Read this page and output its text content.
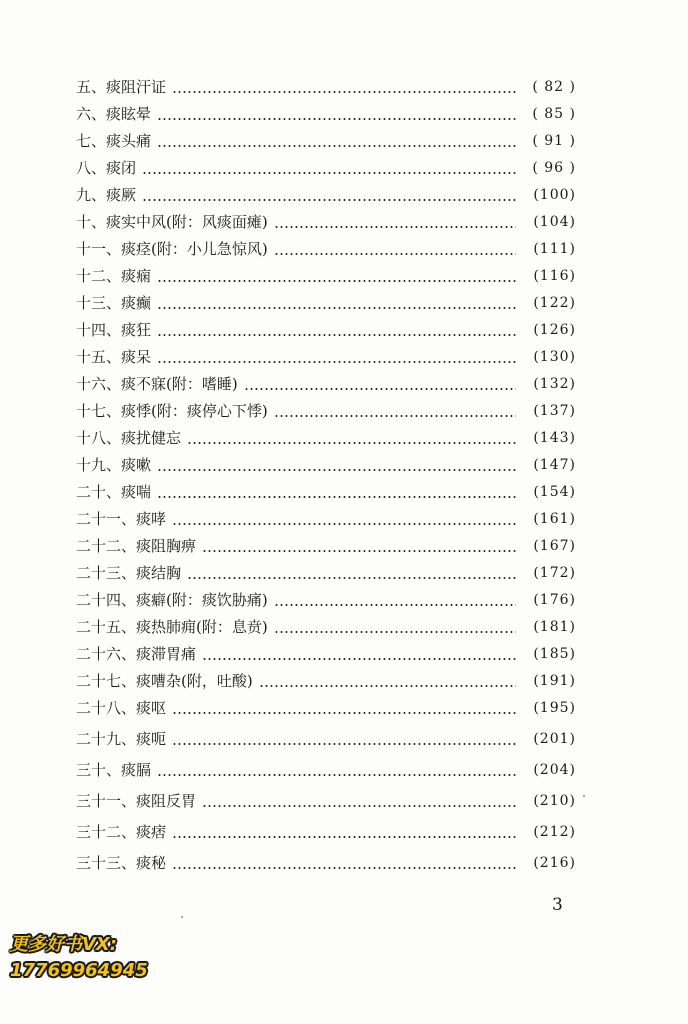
五、痰阻汗证	( 82 )
六、痰眩晕	( 85 )
七、痰头痛	( 91 )
八、痰闭	( 96 )
九、痰厥	(100)
十、痰实中风(附：风痰面瘫)	(104)
十一、痰痉(附：小儿急惊风)	(111)
十二、痰痫	(116)
十三、痰癫	(122)
十四、痰狂	(126)
十五、痰呆	(130)
十六、痰不寐(附：嗜睡)	(132)
十七、痰悸(附：痰停心下悸)	(137)
十八、痰扰健忘	(143)
十九、痰嗽	(147)
二十、痰喘	(154)
二十一、痰哮	(161)
二十二、痰阻胸痹	(167)
二十三、痰结胸	(172)
二十四、痰癖(附：痰饮胁痛)	(176)
二十五、痰热肺痈(附：息贲)	(181)
二十六、痰滞胃痛	(185)
二十七、痰嘈杂(附，吐酸)	(191)
二十八、痰呕	(195)
二十九、痰呃	(201)
三十、痰膈	(204)
三十一、痰阻反胃	(210)
三十二、痰痞	(212)
三十三、痰秘	(216)
3
更多好书VX:
17769964945
